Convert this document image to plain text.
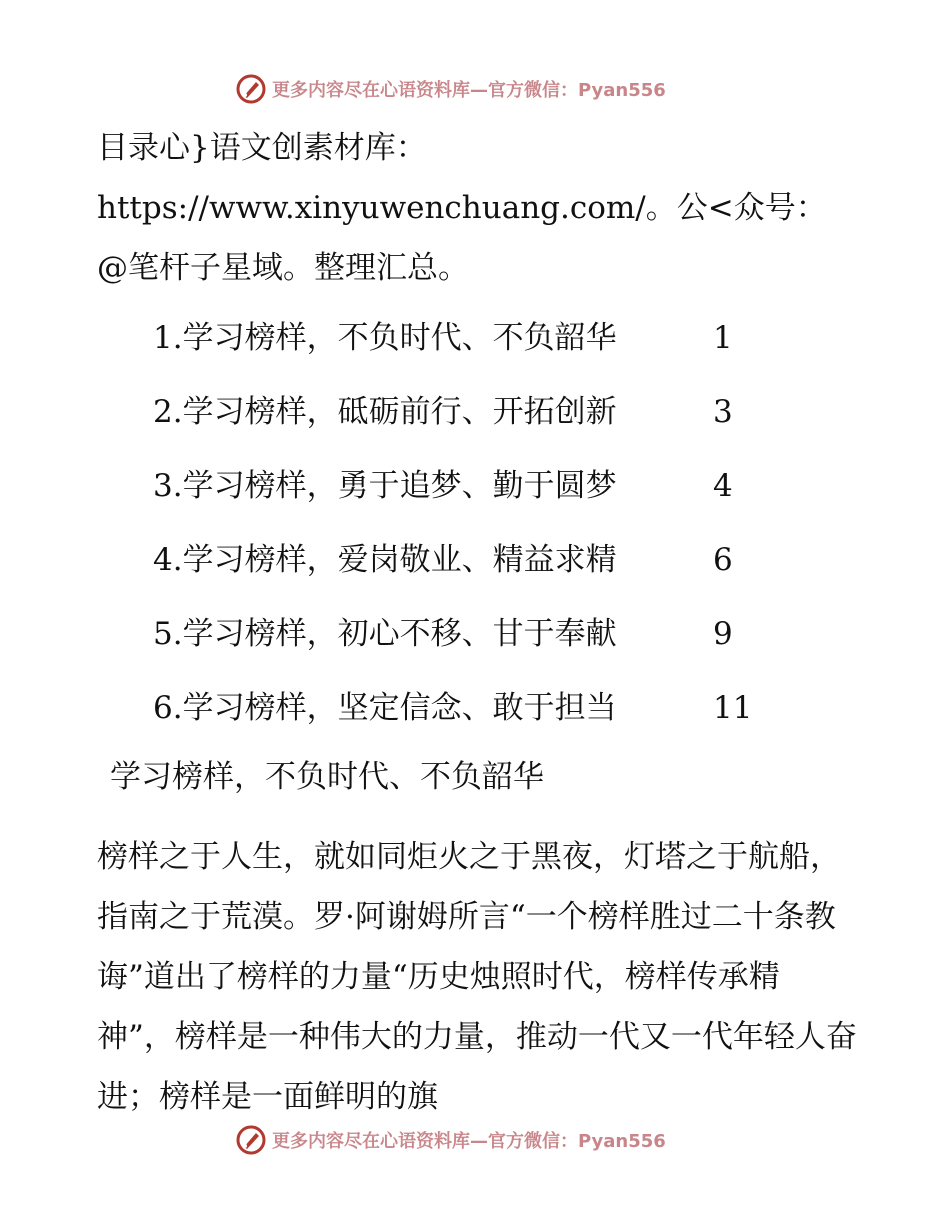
更多内容尽在心语资料库—官方微信：Pyan556

目录心}语文创素材库：https://www.xinyuwenchuang.com/。公<众号：@笔杆子星域。整理汇总。

1.学习榜样，不负时代、不负韶华	1
2.学习榜样，砥砺前行、开拓创新	3
3.学习榜样，勇于追梦、勤于圆梦	4
4.学习榜样，爱岗敬业、精益求精	6
5.学习榜样，初心不移、甘于奉献	9
6.学习榜样，坚定信念、敢于担当	11
学习榜样，不负时代、不负韶华

榜样之于人生，就如同炬火之于黑夜，灯塔之于航船，指南之于荒漠。罗·阿谢姆所言“一个榜样胜过二十条教诲”道出了榜样的力量“历史烛照时代，榜样传承精神”，榜样是一种伟大的力量，推动一代又一代年轻人奋进；榜样是一面鲜明的旗

更多内容尽在心语资料库—官方微信：Pyan556
